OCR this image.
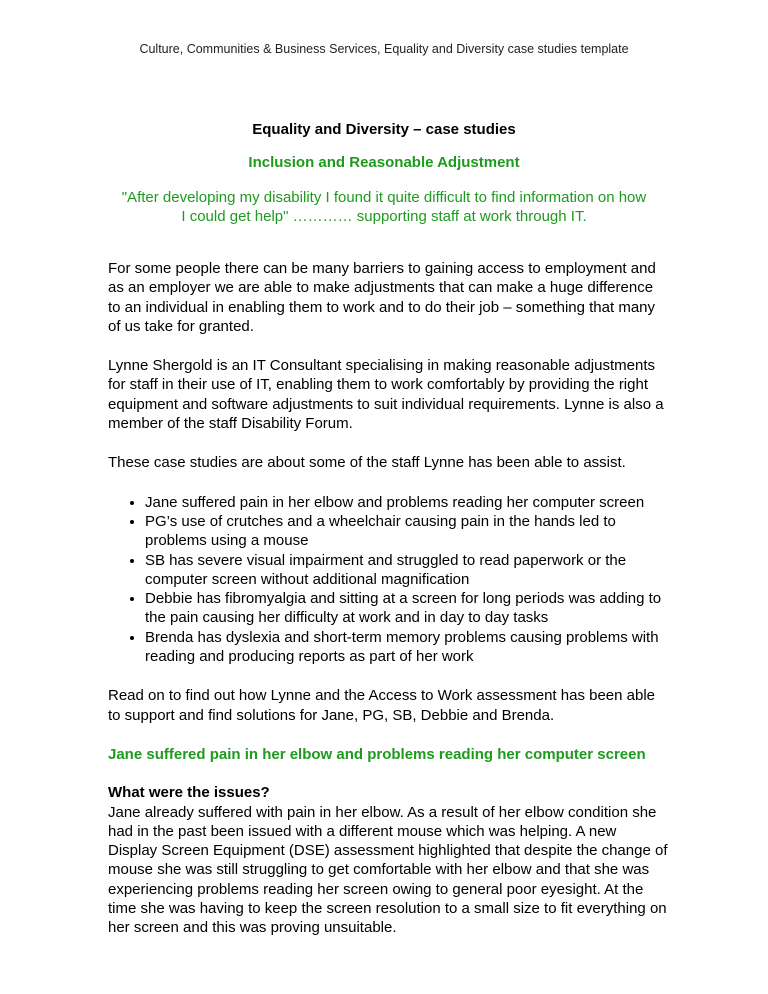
Culture, Communities & Business Services, Equality and Diversity case studies template
Equality and Diversity – case studies
Inclusion and Reasonable Adjustment
"After developing my disability I found it quite difficult to find information on how I could get help" ………… supporting staff at work through IT.

For some people there can be many barriers to gaining access to employment and as an employer we are able to make adjustments that can make a huge difference to an individual in enabling them to work and to do their job – something that many of us take for granted.

Lynne Shergold is an IT Consultant specialising in making reasonable adjustments for staff in their use of IT, enabling them to work comfortably by providing the right equipment and software adjustments to suit individual requirements. Lynne is also a member of the staff Disability Forum.

These case studies are about some of the staff Lynne has been able to assist.

• Jane suffered pain in her elbow and problems reading her computer screen
• PG’s use of crutches and a wheelchair causing pain in the hands led to problems using a mouse
• SB has severe visual impairment and struggled to read paperwork or the computer screen without additional magnification
• Debbie has fibromyalgia and sitting at a screen for long periods was adding to the pain causing her difficulty at work and in day to day tasks
• Brenda has dyslexia and short-term memory problems causing problems with reading and producing reports as part of her work

Read on to find out how Lynne and the Access to Work assessment has been able to support and find solutions for Jane, PG, SB, Debbie and Brenda.

Jane suffered pain in her elbow and problems reading her computer screen

What were the issues?

Jane already suffered with pain in her elbow. As a result of her elbow condition she had in the past been issued with a different mouse which was helping. A new Display Screen Equipment (DSE) assessment highlighted that despite the change of mouse she was still struggling to get comfortable with her elbow and that she was experiencing problems reading her screen owing to general poor eyesight. At the time she was having to keep the screen resolution to a small size to fit everything on her screen and this was proving unsuitable.
